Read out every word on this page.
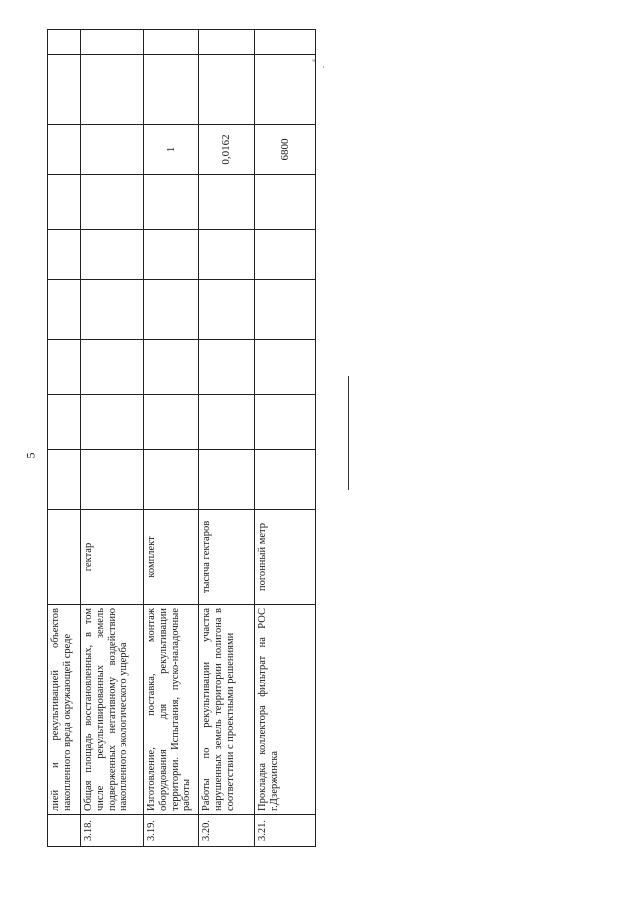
5
" ·
	лией и рекультивацией объектов накопленного вреда окружающей среде										
3.18.	Общая площадь восстановленных, в том числе рекультивированных земель подверженных негативному воздействию накопленного экологического ущерба	гектар									
3.19.	Изготовление, поставка, монтаж оборудования для рекультивации территории. Испытания, пуско-наладочные работы	комплект							1		
3.20.	Работы по рекультивации участка нарушенных земель территории полигона в соответствии с проектными решениями	тысяча гектаров							0,0162		
3.21.	Прокладка коллектора фильтрат на РОС г.Дзержинска	погонный метр							6800		
